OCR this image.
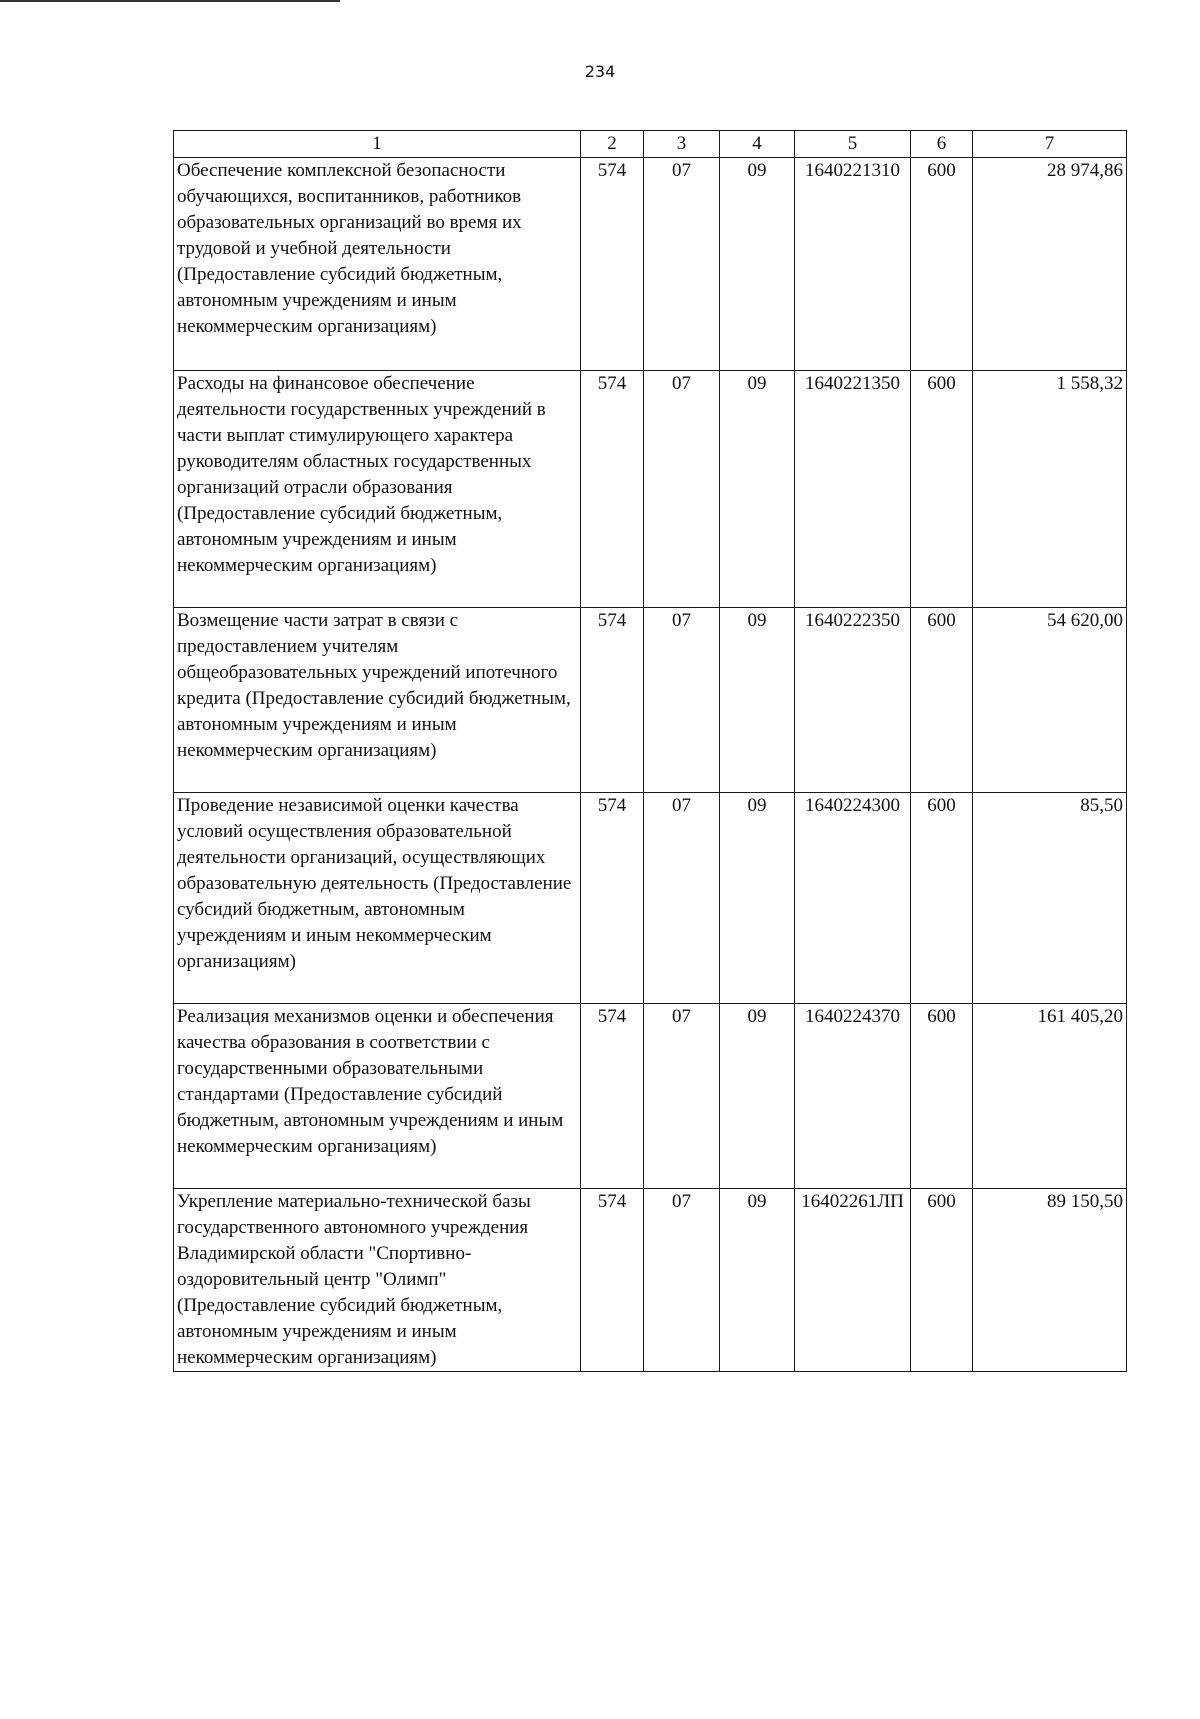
234
1	2	3	4	5	6	7
Обеспечение комплексной безопасности обучающихся, воспитанников, работников образовательных организаций во время их трудовой и учебной деятельности (Предоставление субсидий бюджетным, автономным учреждениям и иным некоммерческим организациям)	574	07	09	1640221310	600	28 974,86
Расходы на финансовое обеспечение деятельности государственных учреждений в части выплат стимулирующего характера руководителям областных государственных организаций отрасли образования (Предоставление субсидий бюджетным, автономным учреждениям и иным некоммерческим организациям)	574	07	09	1640221350	600	1 558,32
Возмещение части затрат в связи с предоставлением учителям общеобразовательных учреждений ипотечного кредита (Предоставление субсидий бюджетным, автономным учреждениям и иным некоммерческим организациям)	574	07	09	1640222350	600	54 620,00
Проведение независимой оценки качества условий осуществления образовательной деятельности организаций, осуществляющих образовательную деятельность (Предоставление субсидий бюджетным, автономным учреждениям и иным некоммерческим организациям)	574	07	09	1640224300	600	85,50
Реализация механизмов оценки и обеспечения качества образования в соответствии с государственными образовательными стандартами (Предоставление субсидий бюджетным, автономным учреждениям и иным некоммерческим организациям)	574	07	09	1640224370	600	161 405,20
Укрепление материально-технической базы государственного автономного учреждения Владимирской области "Спортивно-оздоровительный центр "Олимп" (Предоставление субсидий бюджетным, автономным учреждениям и иным некоммерческим организациям)	574	07	09	16402261ЛП	600	89 150,50
